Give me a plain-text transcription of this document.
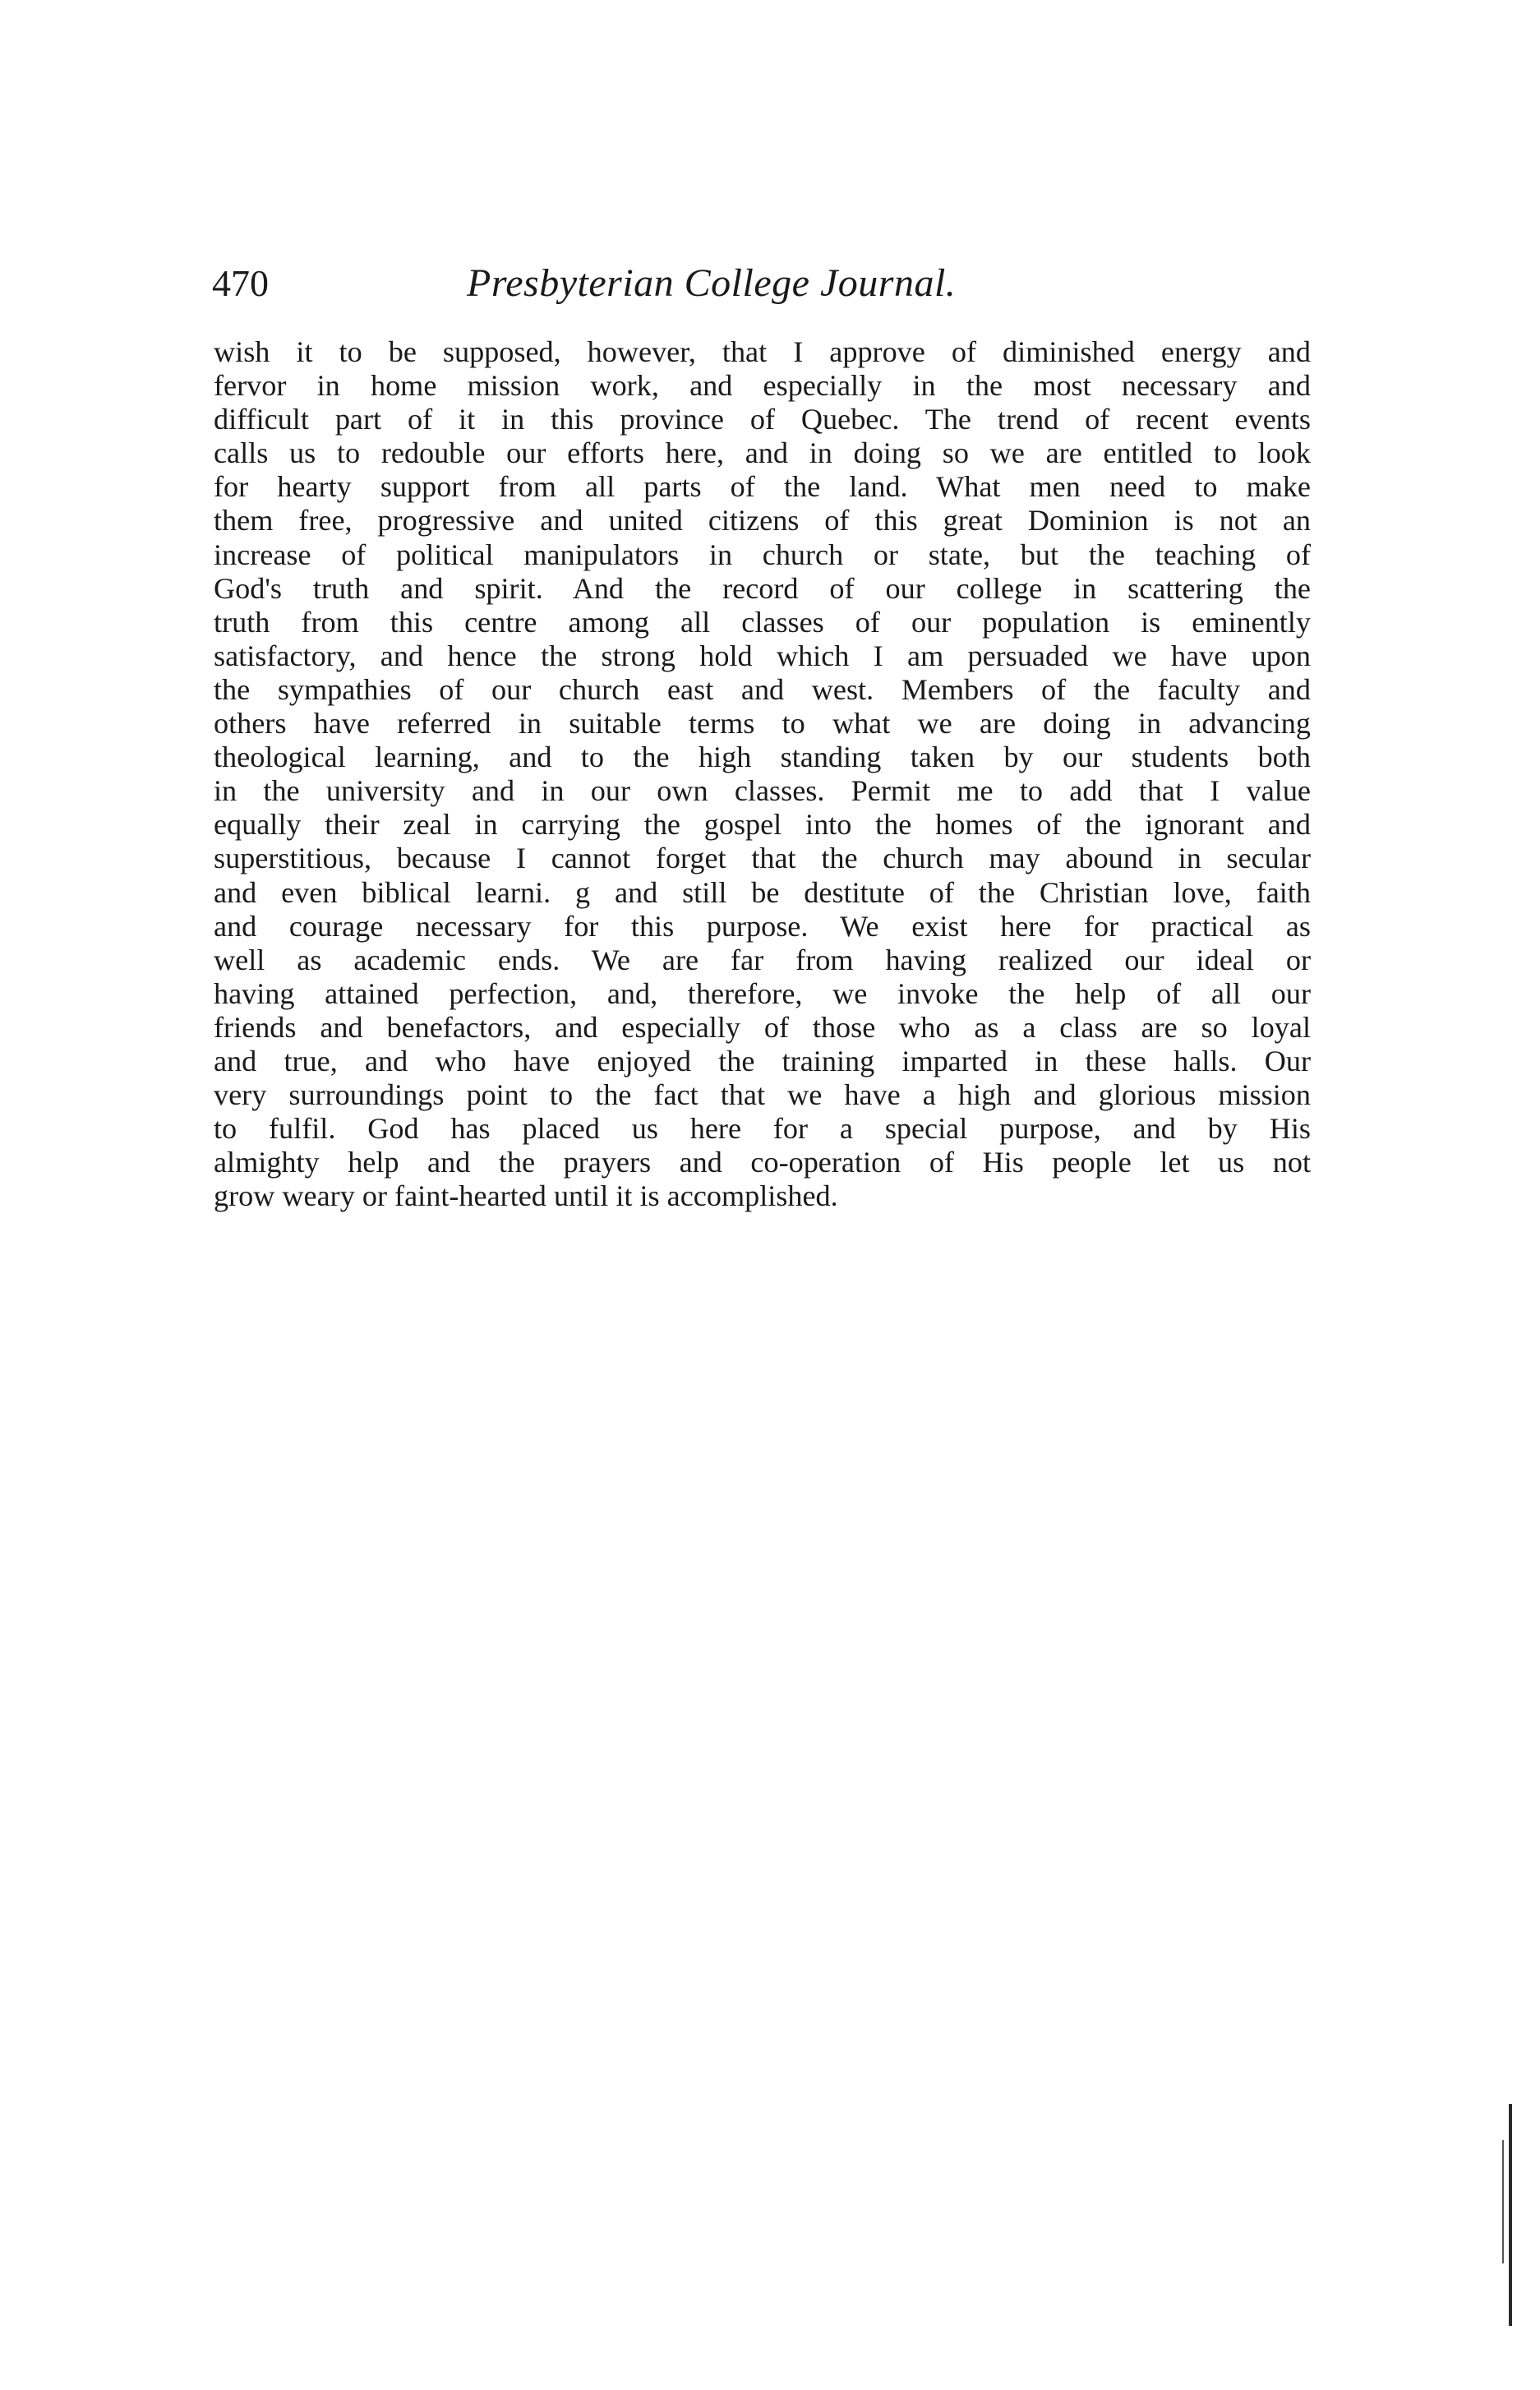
470	Presbyterian College Journal.
wish it to be supposed, however, that I approve of diminished energy and
fervor in home mission work, and especially in the most necessary and
difficult part of it in this province of Quebec. The trend of recent events
calls us to redouble our efforts here, and in doing so we are entitled to look
for hearty support from all parts of the land. What men need to make
them free, progressive and united citizens of this great Dominion is not an
increase of political manipulators in church or state, but the teaching of
God's truth and spirit. And the record of our college in scattering the
truth from this centre among all classes of our population is eminently
satisfactory, and hence the strong hold which I am persuaded we have upon
the sympathies of our church east and west. Members of the faculty and
others have referred in suitable terms to what we are doing in advancing
theological learning, and to the high standing taken by our students both
in the university and in our own classes. Permit me to add that I value
equally their zeal in carrying the gospel into the homes of the ignorant and
superstitious, because I cannot forget that the church may abound in secular
and even biblical learni. g and still be destitute of the Christian love, faith
and courage necessary for this purpose. We exist here for practical as
well as academic ends. We are far from having realized our ideal or
having attained perfection, and, therefore, we invoke the help of all our
friends and benefactors, and especially of those who as a class are so loyal
and true, and who have enjoyed the training imparted in these halls. Our
very surroundings point to the fact that we have a high and glorious mission
to fulfil. God has placed us here for a special purpose, and by His
almighty help and the prayers and co-operation of His people let us not
grow weary or faint-hearted until it is accomplished.
